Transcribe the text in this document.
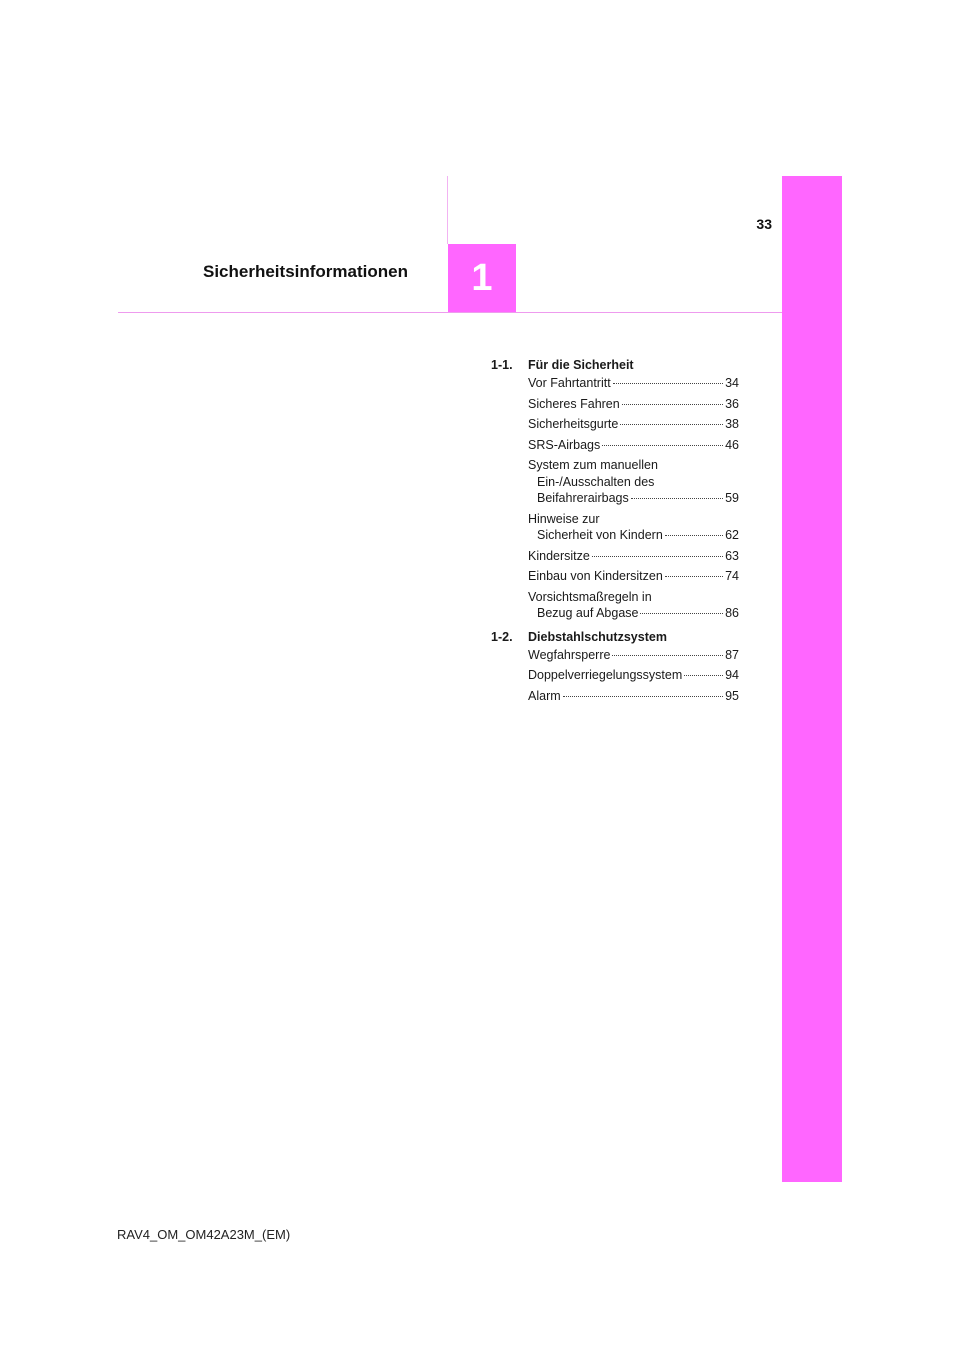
Sicherheitsinformationen 1
33
1-1.	Für die Sicherheit
Vor Fahrtantritt	34
Sicheres Fahren	36
Sicherheitsgurte	38
SRS-Airbags	46
System zum manuellen
Ein-/Ausschalten des
Beifahrerairbags	59
Hinweise zur
Sicherheit von Kindern	62
Kindersitze	63
Einbau von Kindersitzen	74
Vorsichtsmaßregeln in
Bezug auf Abgase	86
1-2.	Diebstahlschutzsystem
Wegfahrsperre	87
Doppelverriegelungssystem	94
Alarm	95
RAV4_OM_OM42A23M_(EM)
